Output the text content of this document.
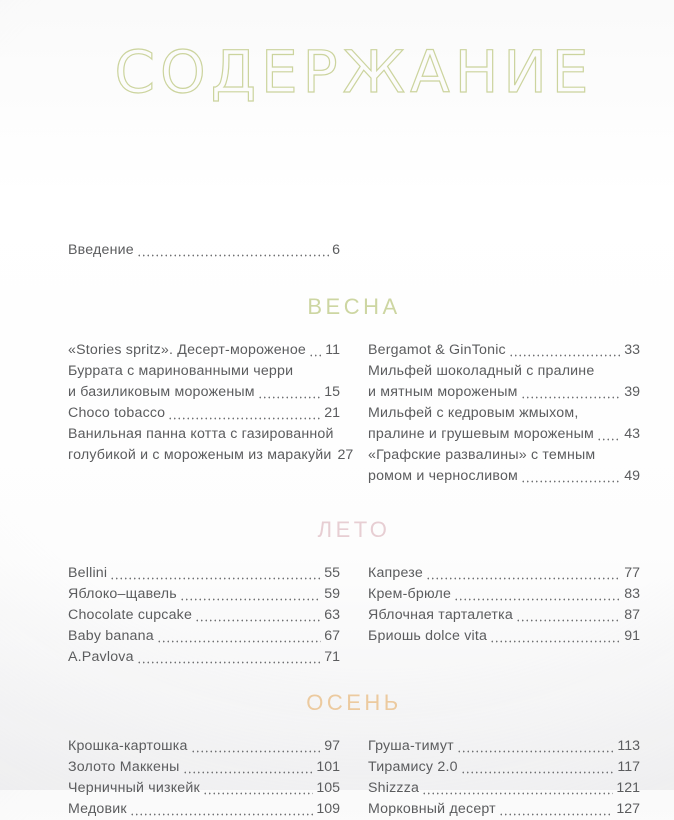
СОДЕРЖАНИЕ
Введение	6
ВЕСНА
«Stories spritz». Десерт-мороженое 11
Буррата с маринованными черри
и базиликовым мороженым	15
Choco tobacco	21
Ванильная панна котта с газированной
голубикой и с мороженым из маракуйи 27
Bergamot & GinTonic	33
Мильфей шоколадный с пралине
и мятным мороженым	39
Мильфей с кедровым жмыхом,
пралине и грушевым мороженым 43
«Графские развалины» с темным
ромом и черносливом	49
ЛЕТО
Bellini	55
Яблоко–щавель	59
Chocolate cupcake	63
Baby banana	67
A.Pavlova	71
Капрезе	77
Крем-брюле	83
Яблочная тарталетка	87
Бриошь dolce vita	91
ОСЕНЬ
Крошка-картошка	97
Золото Маккены	101
Черничный чизкейк	105
Медовик	109
Груша-тимут	113
Тирамису 2.0	117
Shizzza	121
Морковный десерт	127
